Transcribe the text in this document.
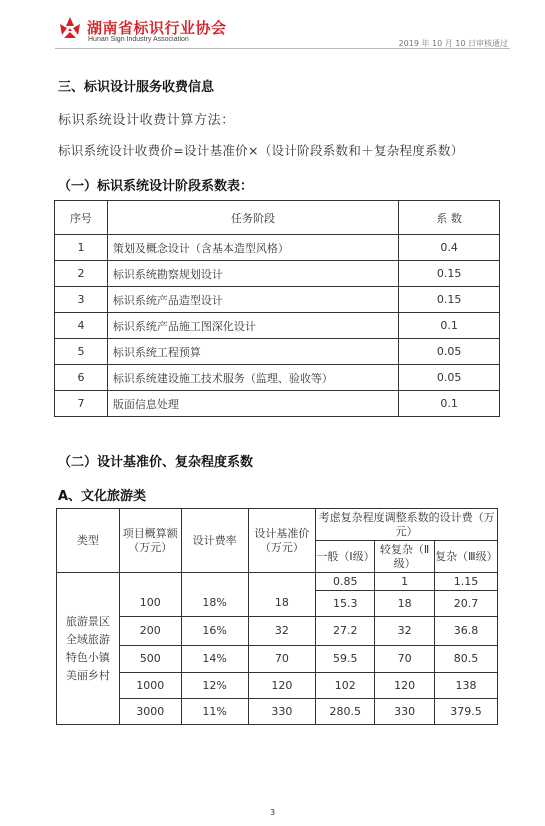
湖南省标识行业协会
Hunan Sign Industry Association	2019 年 10 月 10 日审核通过
三、标识设计服务收费信息
标识系统设计收费计算方法：
标识系统设计收费价=设计基准价×（设计阶段系数和＋复杂程度系数）
（一）标识系统设计阶段系数表：
序号	任务阶段	系 数
1	策划及概念设计（含基本造型风格）	0.4
2	标识系统勘察规划设计	0.15
3	标识系统产品造型设计	0.15
4	标识系统产品施工图深化设计	0.1
5	标识系统工程预算	0.05
6	标识系统建设施工技术服务（监理、验收等）	0.05
7	版面信息处理	0.1
（二）设计基准价、复杂程度系数
A、文化旅游类
类型	项目概算额（万元）	设计费率	设计基准价（万元）	考虑复杂程度调整系数的设计费（万元）		
				一般（Ⅰ级）	较复杂（Ⅱ级）	复杂（Ⅲ级）
旅游景区全域旅游特色小镇美丽乡村				0.85	1	1.15
	100	18%	18	15.3	18	20.7
	200	16%	32	27.2	32	36.8
	500	14%	70	59.5	70	80.5
	1000	12%	120	102	120	138
	3000	11%	330	280.5	330	379.5
3
